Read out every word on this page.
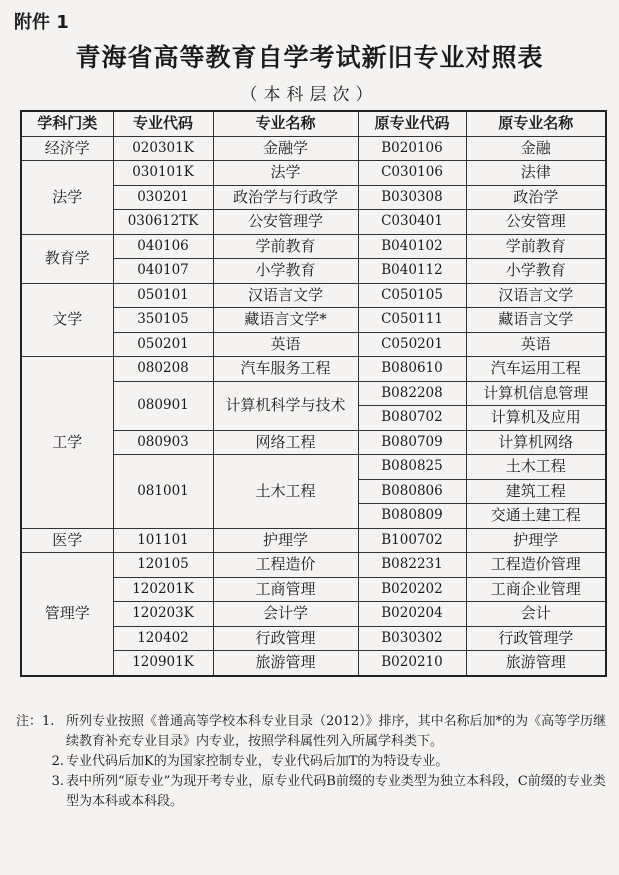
附件 1
青海省高等教育自学考试新旧专业对照表
（本科层次）
学科门类	专业代码	专业名称	原专业代码	原专业名称
经济学	020301K	金融学	B020106	金融
法学	030101K	法学	C030106	法律
	030201	政治学与行政学	B030308	政治学
	030612TK	公安管理学	C030401	公安管理
教育学	040106	学前教育	B040102	学前教育
	040107	小学教育	B040112	小学教育
文学	050101	汉语言文学	C050105	汉语言文学
	350105	藏语言文学*	C050111	藏语言文学
	050201	英语	C050201	英语
工学	080208	汽车服务工程	B080610	汽车运用工程
	080901	计算机科学与技术	B082208	计算机信息管理
			B080702	计算机及应用
	080903	网络工程	B080709	计算机网络
	081001	土木工程	B080825	土木工程
			B080806	建筑工程
			B080809	交通土建工程
医学	101101	护理学	B100702	护理学
管理学	120105	工程造价	B082231	工程造价管理
	120201K	工商管理	B020202	工商企业管理
	120203K	会计学	B020204	会计
	120402	行政管理	B030302	行政管理学
	120901K	旅游管理	B020210	旅游管理
注：1. 所列专业按照《普通高等学校本科专业目录（2012）》排序，其中名称后加*的为《高等学历继续教育补充专业目录》内专业，按照学科属性列入所属学科类下。
2. 专业代码后加K的为国家控制专业，专业代码后加T的为特设专业。
3. 表中所列“原专业”为现开考专业，原专业代码B前缀的专业类型为独立本科段，C前缀的专业类型为本科或本科段。
